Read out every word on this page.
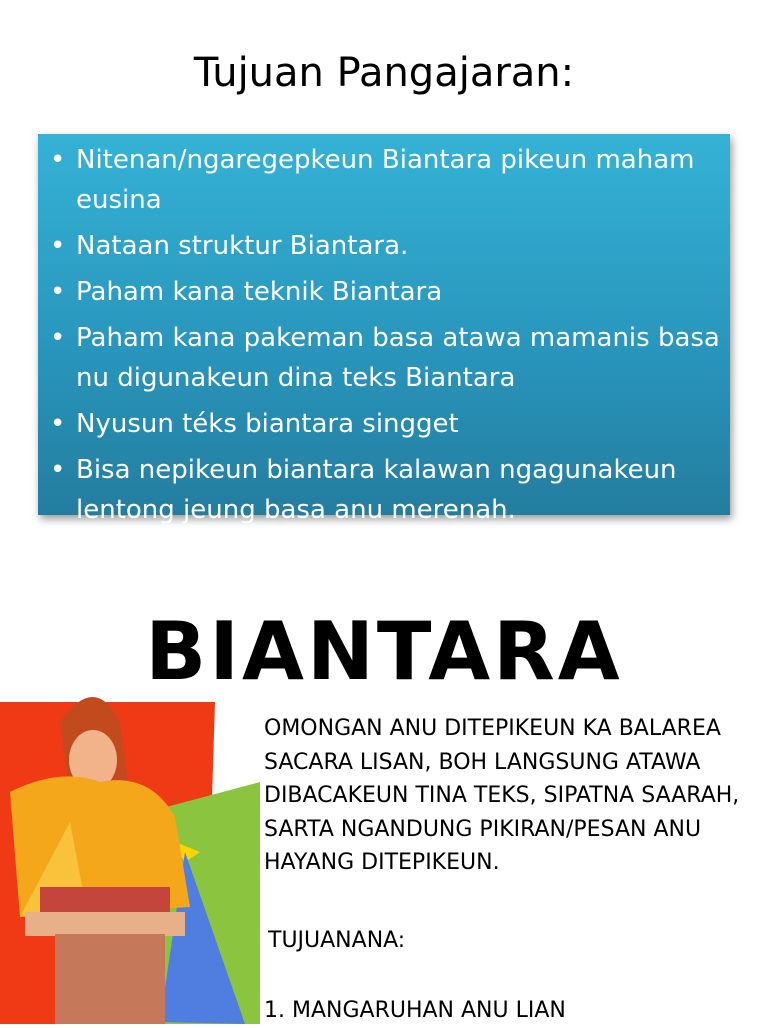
Tujuan Pangajaran:
• Nitenan/ngaregepkeun Biantara pikeun maham eusina
• Nataan struktur Biantara.
• Paham kana teknik Biantara
• Paham kana pakeman basa atawa mamanis basa nu digunakeun dina teks Biantara
• Nyusun téks biantara singget
• Bisa nepikeun biantara kalawan ngagunakeun lentong jeung basa anu merenah.
BIANTARA

OMONGAN ANU DITEPIKEUN KA BALAREA SACARA LISAN, BOH LANGSUNG ATAWA DIBACAKEUN TINA TEKS, SIPATNA SAARAH, SARTA NGANDUNG PIKIRAN/PESAN ANU HAYANG DITEPIKEUN.

TUJUANANA:

1. MANGARUHAN ANU LIAN
